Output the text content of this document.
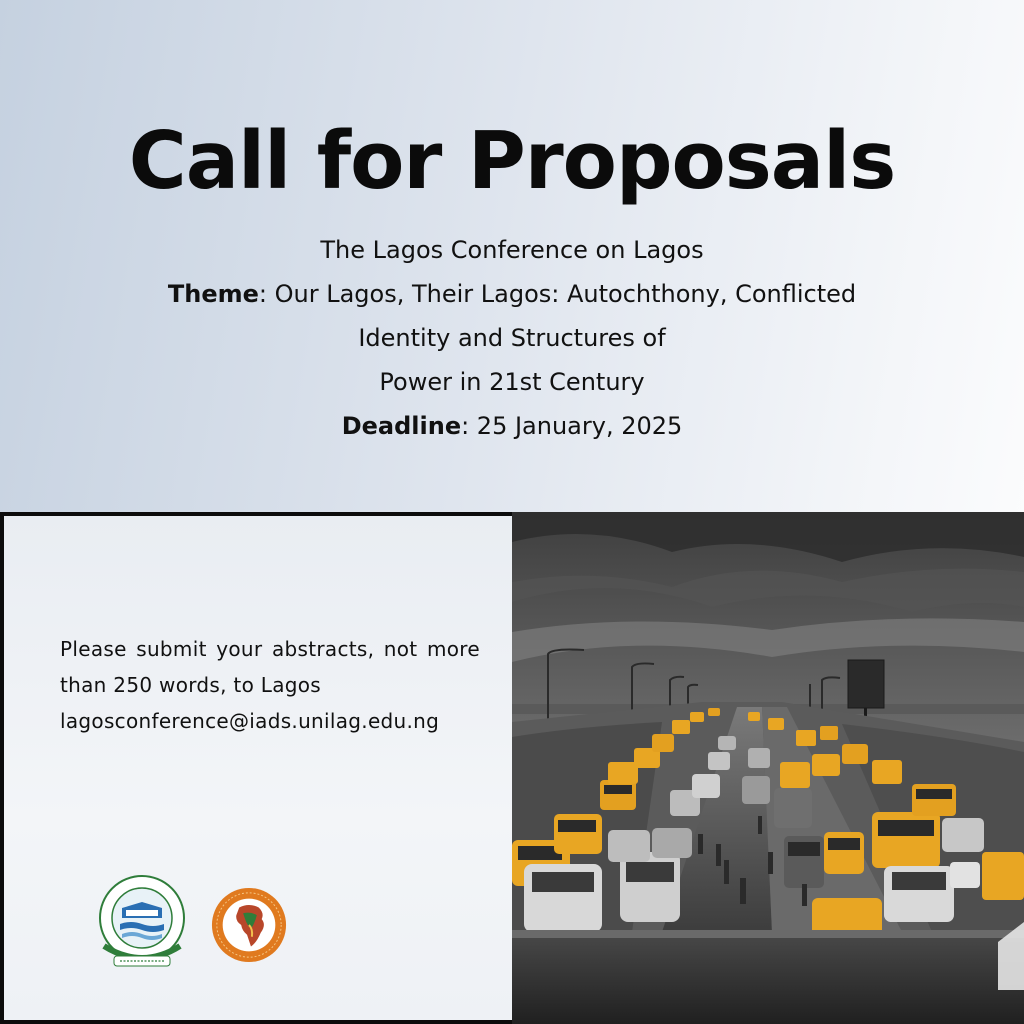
Call for Proposals
The Lagos Conference on Lagos
Theme: Our Lagos, Their Lagos: Autochthony, Conflicted
Identity and Structures of
Power in 21st Century
Deadline: 25 January, 2025

Please submit your abstracts, not more than 250 words, to Lagos
lagosconference@iads.unilag.edu.ng
